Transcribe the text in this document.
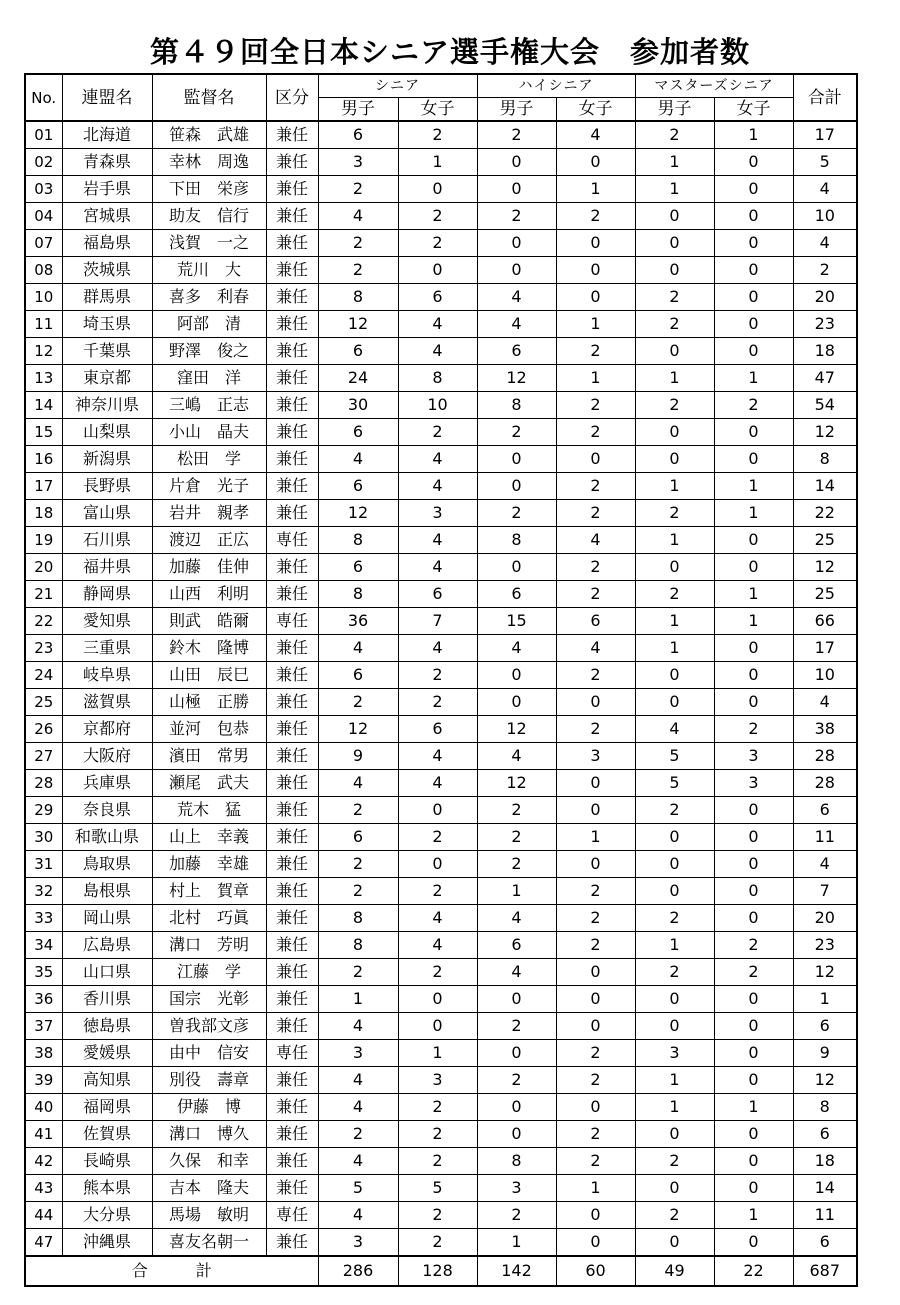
第４９回全日本シニア選手権大会　参加者数
No.	連盟名	監督名	区分	シニア		ハイシニア		マスターズシニア		合計
				男子	女子	男子	女子	男子	女子	
01	北海道	笹森　武雄	兼任	6	2	2	4	2	1	17
02	青森県	幸林　周逸	兼任	3	1	0	0	1	0	5
03	岩手県	下田　栄彦	兼任	2	0	0	1	1	0	4
04	宮城県	助友　信行	兼任	4	2	2	2	0	0	10
07	福島県	浅賀　一之	兼任	2	2	0	0	0	0	4
08	茨城県	荒川　大	兼任	2	0	0	0	0	0	2
10	群馬県	喜多　利春	兼任	8	6	4	0	2	0	20
11	埼玉県	阿部　清	兼任	12	4	4	1	2	0	23
12	千葉県	野澤　俊之	兼任	6	4	6	2	0	0	18
13	東京都	窪田　洋	兼任	24	8	12	1	1	1	47
14	神奈川県	三嶋　正志	兼任	30	10	8	2	2	2	54
15	山梨県	小山　晶夫	兼任	6	2	2	2	0	0	12
16	新潟県	松田　学	兼任	4	4	0	0	0	0	8
17	長野県	片倉　光子	兼任	6	4	0	2	1	1	14
18	富山県	岩井　親孝	兼任	12	3	2	2	2	1	22
19	石川県	渡辺　正広	専任	8	4	8	4	1	0	25
20	福井県	加藤　佳伸	兼任	6	4	0	2	0	0	12
21	静岡県	山西　利明	兼任	8	6	6	2	2	1	25
22	愛知県	則武　皓爾	専任	36	7	15	6	1	1	66
23	三重県	鈴木　隆博	兼任	4	4	4	4	1	0	17
24	岐阜県	山田　辰巳	兼任	6	2	0	2	0	0	10
25	滋賀県	山極　正勝	兼任	2	2	0	0	0	0	4
26	京都府	並河　包恭	兼任	12	6	12	2	4	2	38
27	大阪府	濱田　常男	兼任	9	4	4	3	5	3	28
28	兵庫県	瀬尾　武夫	兼任	4	4	12	0	5	3	28
29	奈良県	荒木　猛	兼任	2	0	2	0	2	0	6
30	和歌山県	山上　幸義	兼任	6	2	2	1	0	0	11
31	鳥取県	加藤　幸雄	兼任	2	0	2	0	0	0	4
32	島根県	村上　賀章	兼任	2	2	1	2	0	0	7
33	岡山県	北村　巧眞	兼任	8	4	4	2	2	0	20
34	広島県	溝口　芳明	兼任	8	4	6	2	1	2	23
35	山口県	江藤　学	兼任	2	2	4	0	2	2	12
36	香川県	国宗　光彰	兼任	1	0	0	0	0	0	1
37	徳島県	曽我部文彦	兼任	4	0	2	0	0	0	6
38	愛媛県	由中　信安	専任	3	1	0	2	3	0	9
39	高知県	別役　壽章	兼任	4	3	2	2	1	0	12
40	福岡県	伊藤　博	兼任	4	2	0	0	1	1	8
41	佐賀県	溝口　博久	兼任	2	2	0	2	0	0	6
42	長崎県	久保　和幸	兼任	4	2	8	2	2	0	18
43	熊本県	吉本　隆夫	兼任	5	5	3	1	0	0	14
44	大分県	馬場　敏明	専任	4	2	2	0	2	1	11
47	沖縄県	喜友名朝一	兼任	3	2	1	0	0	0	6
合　　　計				286	128	142	60	49	22	687
